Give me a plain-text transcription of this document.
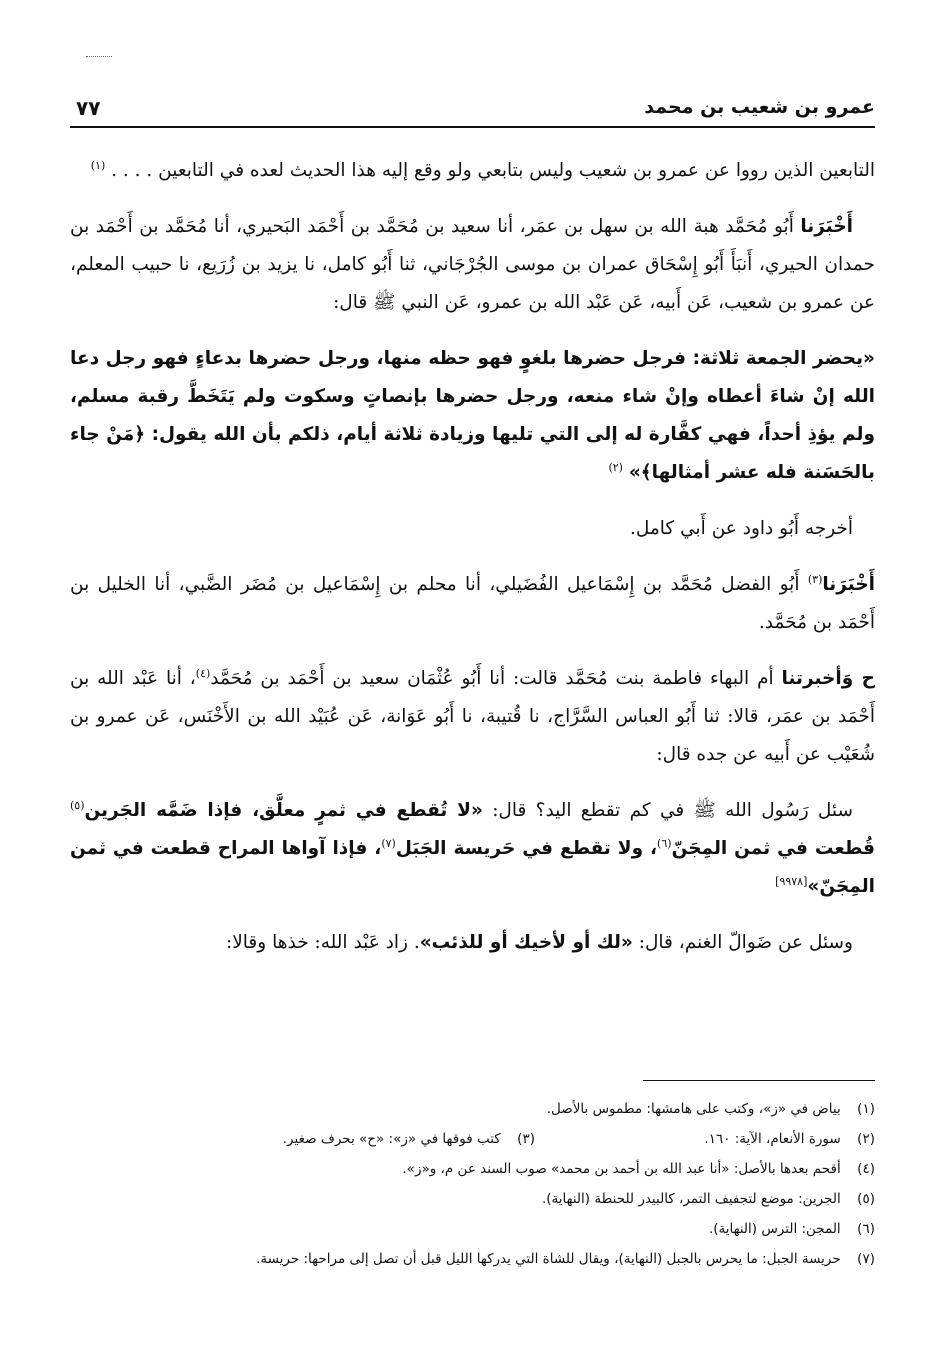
عمرو بن شعيب بن محمد
٧٧

التابعين الذين رووا عن عمرو بن شعيب وليس بتابعي ولو وقع إليه هذا الحديث لعده في التابعين . . . . $^{(١)}$

أَخْبَرَنا أَبُو مُحَمَّد هبة الله بن سهل بن عمَر، أنا سعيد بن مُحَمَّد بن أَحْمَد البَحيري، أنا مُحَمَّد بن أَحْمَد بن حمدان الحيري، أَنبَأَ أَبُو إِسْحَاق عمران بن موسى الجُرْجَاني، ثنا أَبُو كامل، نا يزيد بن زُرَيع، نا حبيب المعلم، عن عمرو بن شعيب، عَن أَبيه، عَن عَبْد الله بن عمرو، عَن النبي ﷺ قال:

«يحضر الجمعة ثلاثة: فرجل حضرها بلغوٍ فهو حظه منها، ورجل حضرها بدعاءٍ فهو رجل دعا الله إنْ شاءَ أعطاه وإنْ شاء منعه، ورجل حضرها بإنصاتٍ وسكوت ولم يَتَخَطَّ رقبة مسلم، ولم يؤذِ أحداً، فهي كفَّارة له إلى التي تليها وزيادة ثلاثة أيام، ذلكم بأن الله يقول: ﴿مَنْ جاء بالحَسَنة فله عشر أمثالها﴾» $^{(٢)}$

أخرجه أَبُو داود عن أَبي كامل.

أَخْبَرَنا$^{(٣)}$ أَبُو الفضل مُحَمَّد بن إِسْمَاعيل الفُضَيلي، أنا محلم بن إِسْمَاعيل بن مُضَر الضَّبي، أنا الخليل بن أَحْمَد بن مُحَمَّد.

ح وَأخبرتنا أم البهاء فاطمة بنت مُحَمَّد قالت: أنا أَبُو عُثْمَان سعيد بن أَحْمَد بن مُحَمَّد$^{(٤)}$، أنا عَبْد الله بن أَحْمَد بن عمَر، قالا: ثنا أَبُو العباس السَّرَّاج، نا قُتيبة، نا أَبُو عَوَانة، عَن عُبَيْد الله بن الأَخْنَس، عَن عمرو بن شُعَيْب عن أَبيه عن جده قال:

سئل رَسُول الله ﷺ في كم تقطع اليد؟ قال: «لا تُقطع في ثمرٍ معلَّق، فإذا ضَمَّه الجَرين$^{(٥)}$ قُطعت في ثمن المِجَنّ$^{(٦)}$، ولا تقطع في حَريسة الجَبَل$^{(٧)}$، فإذا آواها المراح قطعت في ثمن المِجَنّ»[٩٩٧٨]

وسئل عن ضَوالّ الغنم، قال: «لك أو لأخيك أو للذئب». زاد عَبْد الله: خذها وقالا:

(١) بياض في «ز»، وكتب على هامشها: مطموس بالأصل.
(٢) سورة الأنعام، الآية: ١٦٠.
(٣) كتب فوقها في «ز»: «ح» بحرف صغير.
(٤) أقحم بعدها بالأصل: «أنا عبد الله بن أحمد بن محمد» صوب السند عن م، و«ز».
(٥) الجرين: موضع لتجفيف التمر، كالبيدر للحنطة (النهاية).
(٦) المجن: الترس (النهاية).
(٧) حريسة الجبل: ما يحرس بالجبل (النهاية)، ويقال للشاة التي يدركها الليل قبل أن تصل إلى مراحها: حريسة.
